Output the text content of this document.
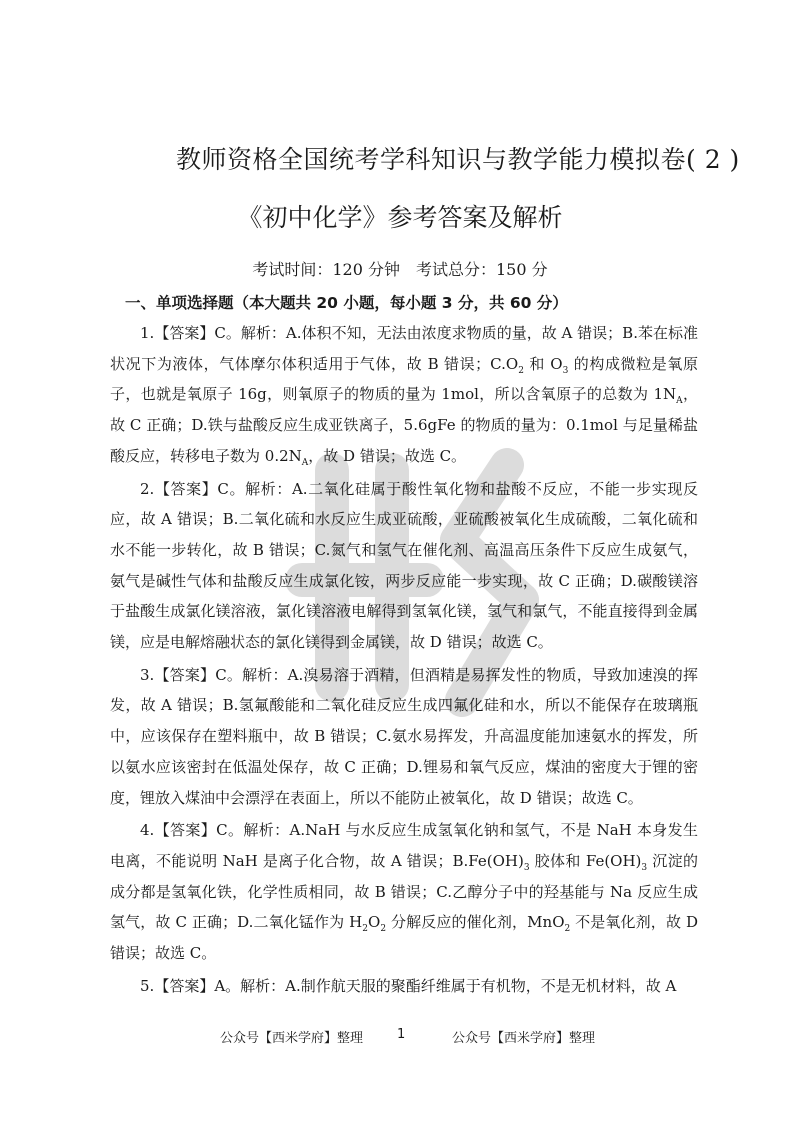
教师资格全国统考学科知识与教学能力模拟卷( 2 )
《初中化学》参考答案及解析
考试时间：120 分钟　考试总分：150 分
一、单项选择题（本大题共 20 小题，每小题 3 分，共 60 分）

1.【答案】C。解析：A.体积不知，无法由浓度求物质的量，故 A 错误；B.苯在标准状况下为液体，气体摩尔体积适用于气体，故 B 错误；$C.O_2$ 和 $O_3$ 的构成微粒是氧原子，也就是氧原子 16g，则氧原子的物质的量为 1mol，所以含氧原子的总数为 $1N_A$，故 C 正确；D.铁与盐酸反应生成亚铁离子，5.6gFe 的物质的量为：0.1mol 与足量稀盐酸反应，转移电子数为 $0.2N_A$，故 D 错误；故选 C。

2.【答案】C。解析：A.二氧化硅属于酸性氧化物和盐酸不反应，不能一步实现反应，故 A 错误；B.二氧化硫和水反应生成亚硫酸，亚硫酸被氧化生成硫酸，二氧化硫和水不能一步转化，故 B 错误；C.氮气和氢气在催化剂、高温高压条件下反应生成氨气，氨气是碱性气体和盐酸反应生成氯化铵，两步反应能一步实现，故 C 正确；D.碳酸镁溶于盐酸生成氯化镁溶液，氯化镁溶液电解得到氢氧化镁，氢气和氯气，不能直接得到金属镁，应是电解熔融状态的氯化镁得到金属镁，故 D 错误；故选 C。

3.【答案】C。解析：A.溴易溶于酒精，但酒精是易挥发性的物质，导致加速溴的挥发，故 A 错误；B.氢氟酸能和二氧化硅反应生成四氟化硅和水，所以不能保存在玻璃瓶中，应该保存在塑料瓶中，故 B 错误；C.氨水易挥发，升高温度能加速氨水的挥发，所以氨水应该密封在低温处保存，故 C 正确；D.锂易和氧气反应，煤油的密度大于锂的密度，锂放入煤油中会漂浮在表面上，所以不能防止被氧化，故 D 错误；故选 C。

4.【答案】C。解析：A.NaH 与水反应生成氢氧化钠和氢气，不是 NaH 本身发生电离，不能说明 NaH 是离子化合物，故 A 错误；$B.Fe(OH)_3$ 胶体和 $Fe(OH)_3$ 沉淀的成分都是氢氧化铁，化学性质相同，故 B 错误；C.乙醇分子中的羟基能与 Na 反应生成氢气，故 C 正确；D.二氧化锰作为 $H_2O_2$ 分解反应的催化剂，MnO$_2$ 不是氧化剂，故 D 错误；故选 C。

5.【答案】A。解析：A.制作航天服的聚酯纤维属于有机物，不是无机材料，故 A

公众号【西米学府】整理	1	公众号【西米学府】整理
